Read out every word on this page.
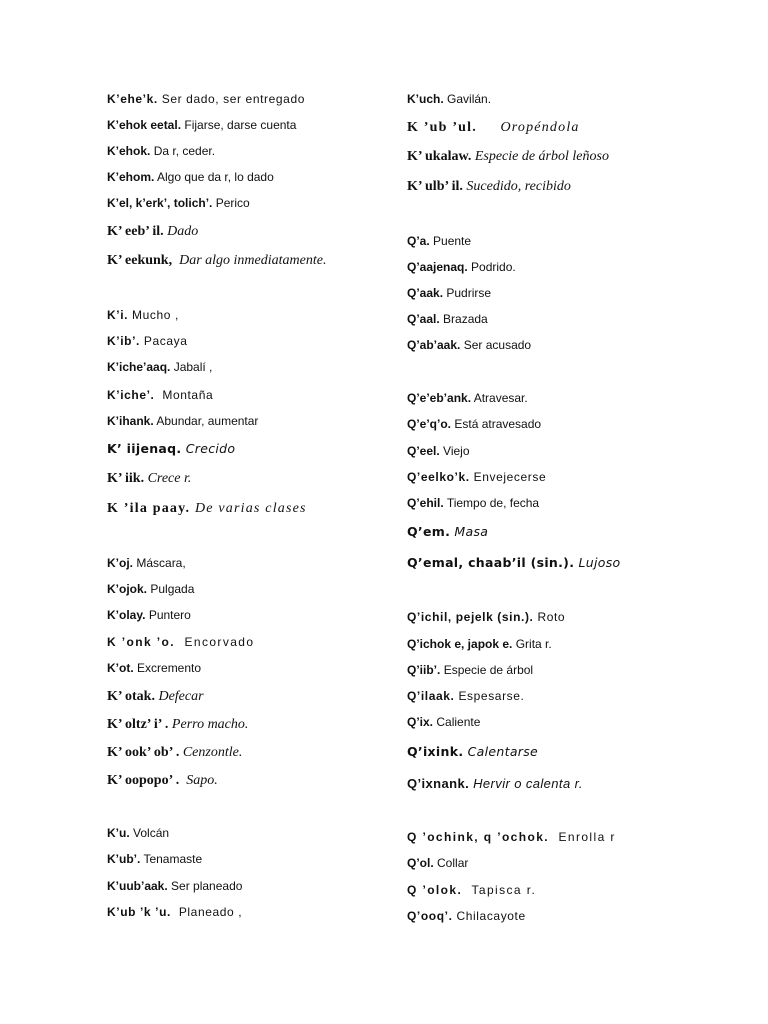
K’ehe’k. Ser dado, ser entregado
K’ehok eetal. Fijarse, darse cuenta
K’ehok. Da r, ceder.
K’ehom. Algo que da r, lo dado
K’el, k’erk’, tolich’. Perico
K’ eeb’ il. Dado
K’ eekunk, Dar algo inmediatamente.
K’i. Mucho ,
K’ib’. Pacaya
K’iche’aaq. Jabalí ,
K’iche’. Montaña
K’ihank. Abundar, aumentar
K’ iijenaq. Crecido
K’ iik. Crece r.
K ’ila paay. De varias clases
K’oj. Máscara,
K’ojok. Pulgada
K’olay. Puntero
K ’onk ’o. Encorvado
K’ot. Excremento
K’ otak. Defecar
K’ oltz’ i’ . Perro macho.
K’ ook’ ob’ . Cenzontle.
K’ oopopo’ . Sapo.
K’u. Volcán
K’ub’. Tenamaste
K’uub’aak. Ser planeado
K’ub ’k ’u. Planeado ,
K’uch. Gavilán.
K ’ub ’ul. Oropéndola
K’ ukalaw. Especie de árbol leñoso
K’ ulb’ il. Sucedido, recibido
Q’a. Puente
Q’aajenaq. Podrido.
Q’aak. Pudrirse
Q’aal. Brazada
Q’ab’aak. Ser acusado
Q’e’eb’ank. Atravesar.
Q’e’q’o. Está atravesado
Q’eel. Viejo
Q’eelko’k. Envejecerse
Q’ehil. Tiempo de, fecha
Q’em. Masa
Q’emal, chaab’il (sin.). Lujoso
Q’ichil, pejelk (sin.). Roto
Q’ichok e, japok e. Grita r.
Q’iib’. Especie de árbol
Q’ilaak. Espesarse.
Q’ix. Caliente
Q’ixink. Calentarse
Q’ixnank. Hervir o calenta r.
Q ’ochink, q ’ochok. Enrolla r
Q’ol. Collar
Q ’olok. Tapisca r.
Q’ooq’. Chilacayote
